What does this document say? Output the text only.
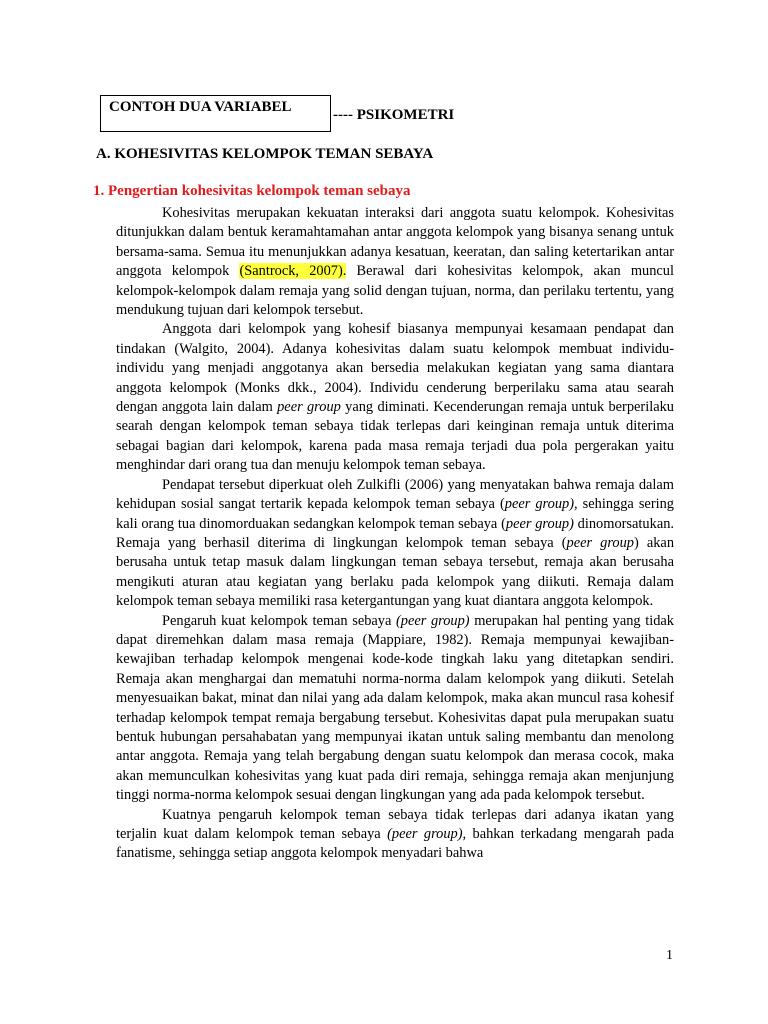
CONTOH DUA VARIABEL	---- PSIKOMETRI
A. KOHESIVITAS KELOMPOK TEMAN SEBAYA
1. Pengertian kohesivitas kelompok teman sebaya

Kohesivitas merupakan kekuatan interaksi dari anggota suatu kelompok. Kohesivitas ditunjukkan dalam bentuk keramahtamahan antar anggota kelompok yang bisanya senang untuk bersama-sama. Semua itu menunjukkan adanya kesatuan, keeratan, dan saling ketertarikan antar anggota kelompok (Santrock, 2007). Berawal dari kohesivitas kelompok, akan muncul kelompok-kelompok dalam remaja yang solid dengan tujuan, norma, dan perilaku tertentu, yang mendukung tujuan dari kelompok tersebut.

Anggota dari kelompok yang kohesif biasanya mempunyai kesamaan pendapat dan tindakan (Walgito, 2004). Adanya kohesivitas dalam suatu kelompok membuat individu-individu yang menjadi anggotanya akan bersedia melakukan kegiatan yang sama diantara anggota kelompok (Monks dkk., 2004). Individu cenderung berperilaku sama atau searah dengan anggota lain dalam peer group yang diminati. Kecenderungan remaja untuk berperilaku searah dengan kelompok teman sebaya tidak terlepas dari keinginan remaja untuk diterima sebagai bagian dari kelompok, karena pada masa remaja terjadi dua pola pergerakan yaitu menghindar dari orang tua dan menuju kelompok teman sebaya.

Pendapat tersebut diperkuat oleh Zulkifli (2006) yang menyatakan bahwa remaja dalam kehidupan sosial sangat tertarik kepada kelompok teman sebaya (peer group), sehingga sering kali orang tua dinomorduakan sedangkan kelompok teman sebaya (peer group) dinomorsatukan. Remaja yang berhasil diterima di lingkungan kelompok teman sebaya (peer group) akan berusaha untuk tetap masuk dalam lingkungan teman sebaya tersebut, remaja akan berusaha mengikuti aturan atau kegiatan yang berlaku pada kelompok yang diikuti. Remaja dalam kelompok teman sebaya memiliki rasa ketergantungan yang kuat diantara anggota kelompok.

Pengaruh kuat kelompok teman sebaya (peer group) merupakan hal penting yang tidak dapat diremehkan dalam masa remaja (Mappiare, 1982). Remaja mempunyai kewajiban-kewajiban terhadap kelompok mengenai kode-kode tingkah laku yang ditetapkan sendiri. Remaja akan menghargai dan mematuhi norma-norma dalam kelompok yang diikuti. Setelah menyesuaikan bakat, minat dan nilai yang ada dalam kelompok, maka akan muncul rasa kohesif terhadap kelompok tempat remaja bergabung tersebut. Kohesivitas dapat pula merupakan suatu bentuk hubungan persahabatan yang mempunyai ikatan untuk saling membantu dan menolong antar anggota. Remaja yang telah bergabung dengan suatu kelompok dan merasa cocok, maka akan memunculkan kohesivitas yang kuat pada diri remaja, sehingga remaja akan menjunjung tinggi norma-norma kelompok sesuai dengan lingkungan yang ada pada kelompok tersebut.

Kuatnya pengaruh kelompok teman sebaya tidak terlepas dari adanya ikatan yang terjalin kuat dalam kelompok teman sebaya (peer group), bahkan terkadang mengarah pada fanatisme, sehingga setiap anggota kelompok menyadari bahwa

1
